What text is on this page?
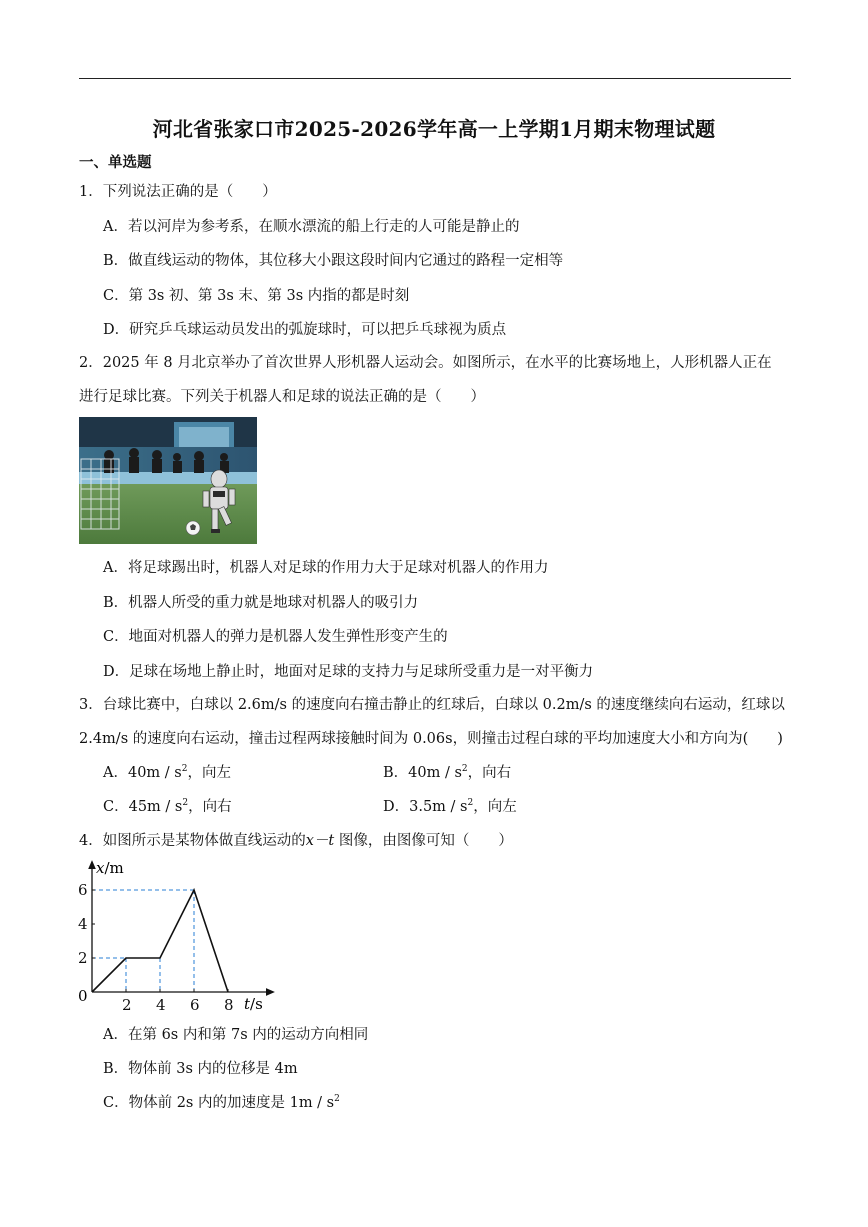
河北省张家口市2025-2026学年高一上学期1月期末物理试题
一、单选题
1．下列说法正确的是（　　）
A．若以河岸为参考系，在顺水漂流的船上行走的人可能是静止的
B．做直线运动的物体，其位移大小跟这段时间内它通过的路程一定相等
C．第 3s 初、第 3s 末、第 3s 内指的都是时刻
D．研究乒乓球运动员发出的弧旋球时，可以把乒乓球视为质点
2．2025 年 8 月北京举办了首次世界人形机器人运动会。如图所示，在水平的比赛场地上，人形机器人正在
进行足球比赛。下列关于机器人和足球的说法正确的是（　　）
A．将足球踢出时，机器人对足球的作用力大于足球对机器人的作用力
B．机器人所受的重力就是地球对机器人的吸引力
C．地面对机器人的弹力是机器人发生弹性形变产生的
D．足球在场地上静止时，地面对足球的支持力与足球所受重力是一对平衡力
3．台球比赛中，白球以 2.6m/s 的速度向右撞击静止的红球后，白球以 0.2m/s 的速度继续向右运动，红球以
2.4m/s 的速度向右运动，撞击过程两球接触时间为 0.06s，则撞击过程白球的平均加速度大小和方向为(　　)
A．$40m / s^2$，向左	B．$40m / s^2$，向右
C．$45m / s^2$，向右	D．$3.5m / s^2$，向左
4．如图所示是某物体做直线运动的x－t 图像，由图像可知（　　）
2
4
6
2 4 6 8
x/m
t/s
0
A．在第 6s 内和第 7s 内的运动方向相同
B．物体前 3s 内的位移是 4m
C．物体前 2s 内的加速度是 $1m / s^2$
